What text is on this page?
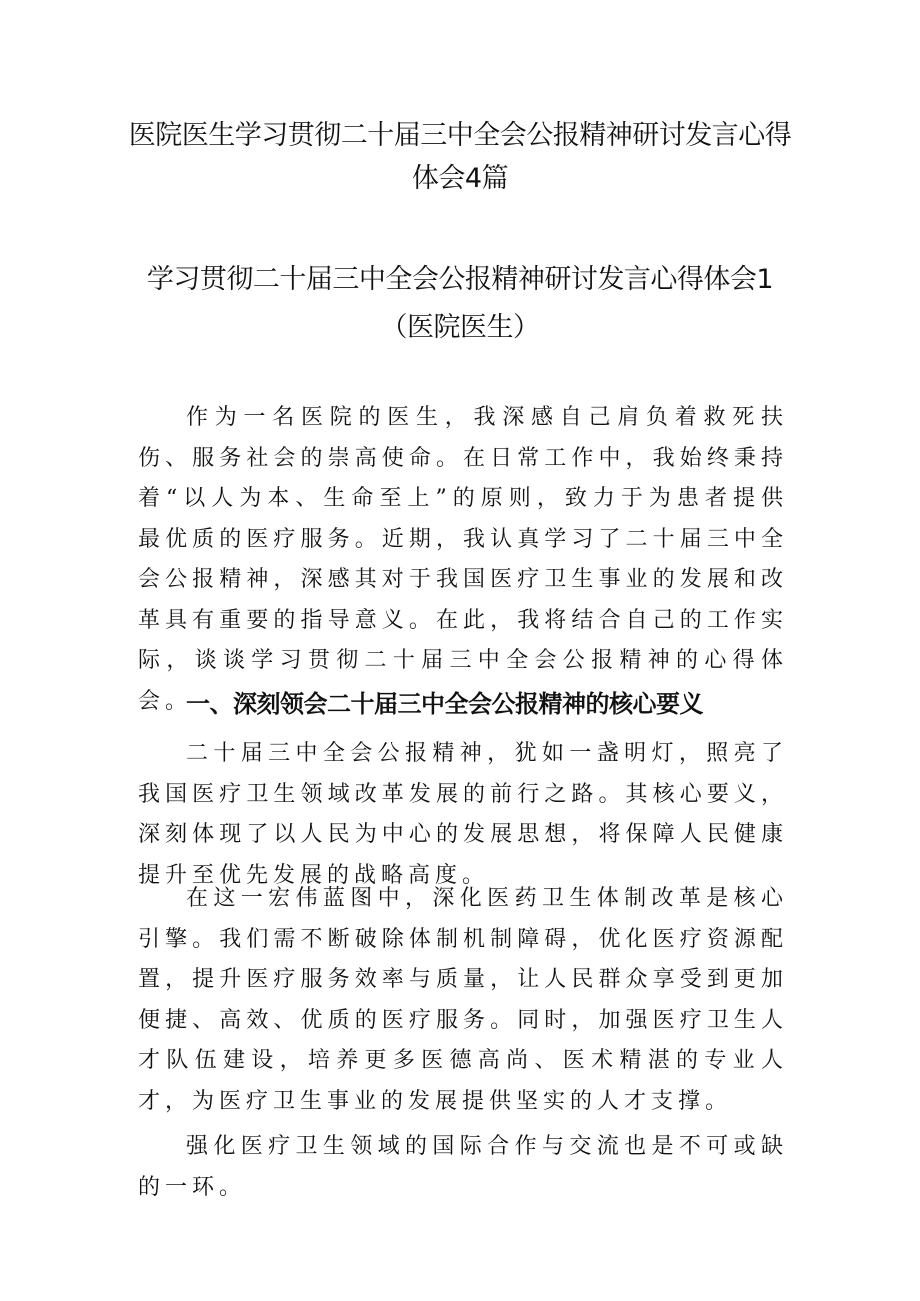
医院医生学习贯彻二十届三中全会公报精神研讨发言心得
体会4篇
学习贯彻二十届三中全会公报精神研讨发言心得体会1
（医院医生）

作为一名医院的医生，我深感自己肩负着救死扶伤、服务社会的崇高使命。在日常工作中，我始终秉持着“以人为本、生命至上”的原则，致力于为患者提供最优质的医疗服务。近期，我认真学习了二十届三中全会公报精神，深感其对于我国医疗卫生事业的发展和改革具有重要的指导意义。在此，我将结合自己的工作实际，谈谈学习贯彻二十届三中全会公报精神的心得体会。

一、深刻领会二十届三中全会公报精神的核心要义

二十届三中全会公报精神，犹如一盏明灯，照亮了我国医疗卫生领域改革发展的前行之路。其核心要义，深刻体现了以人民为中心的发展思想，将保障人民健康提升至优先发展的战略高度。

在这一宏伟蓝图中，深化医药卫生体制改革是核心引擎。我们需不断破除体制机制障碍，优化医疗资源配置，提升医疗服务效率与质量，让人民群众享受到更加便捷、高效、优质的医疗服务。同时，加强医疗卫生人才队伍建设，培养更多医德高尚、医术精湛的专业人才，为医疗卫生事业的发展提供坚实的人才支撑。

强化医疗卫生领域的国际合作与交流也是不可或缺的一环。
